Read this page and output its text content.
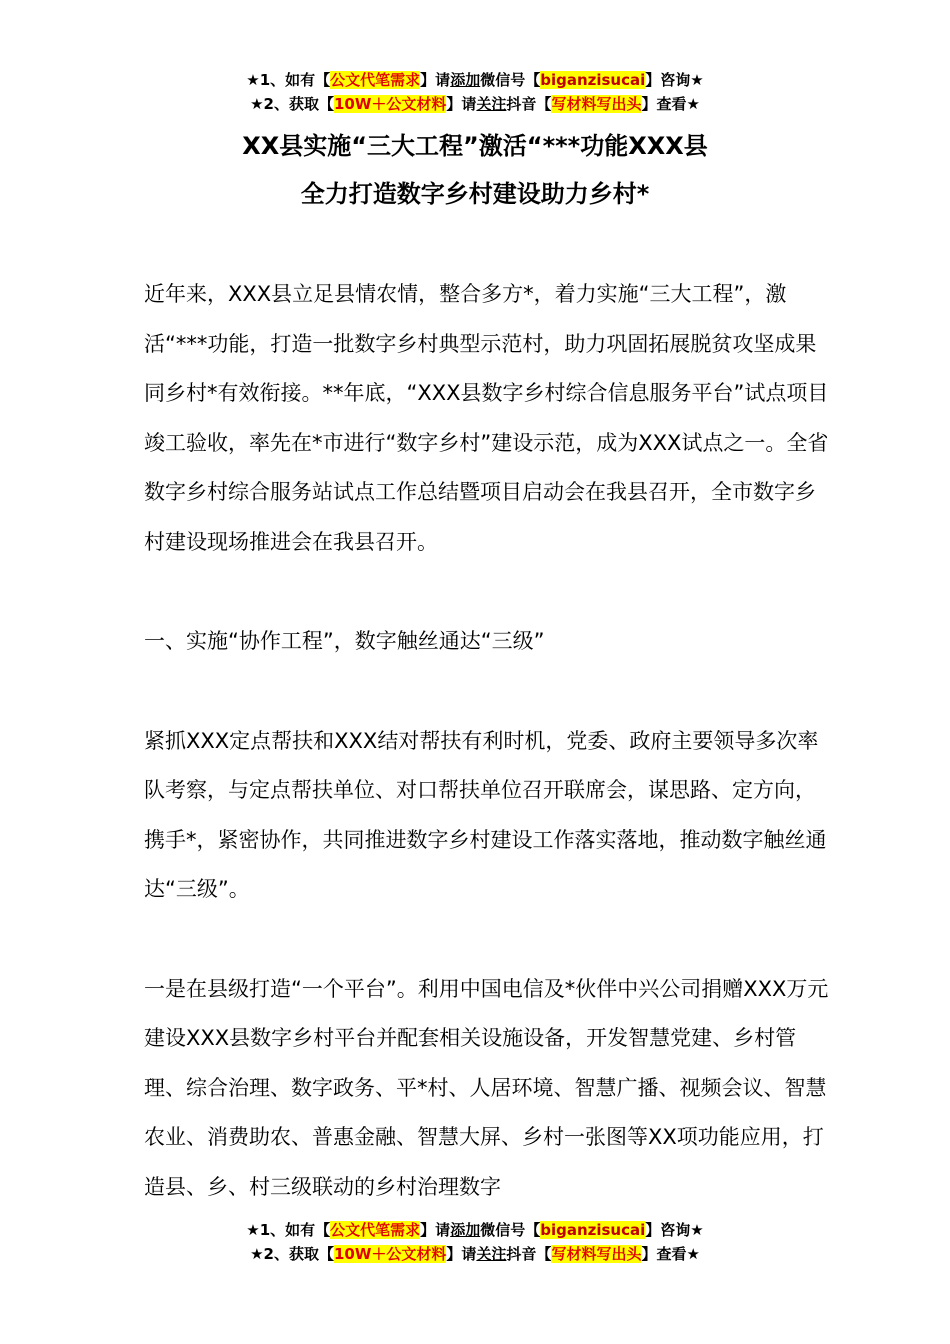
★1、如有【公文代笔需求】请添加微信号【biganzisucai】咨询★
★2、获取【10W＋公文材料】请关注抖音【写材料写出头】查看★
XX县实施“三大工程”激活“***功能XXX县
全力打造数字乡村建设助力乡村*

近年来，XXX县立足县情农情，整合多方*，着力实施“三大工程”，激活“***功能，打造一批数字乡村典型示范村，助力巩固拓展脱贫攻坚成果同乡村*有效衔接。**年底，“XXX县数字乡村综合信息服务平台”试点项目竣工验收，率先在*市进行“数字乡村”建设示范，成为XXX试点之一。全省数字乡村综合服务站试点工作总结暨项目启动会在我县召开，全市数字乡村建设现场推进会在我县召开。

一、实施“协作工程”，数字触丝通达“三级”

紧抓XXX定点帮扶和XXX结对帮扶有利时机，党委、政府主要领导多次率队考察，与定点帮扶单位、对口帮扶单位召开联席会，谋思路、定方向，携手*，紧密协作，共同推进数字乡村建设工作落实落地，推动数字触丝通达“三级”。

一是在县级打造“一个平台”。利用中国电信及*伙伴中兴公司捐赠XXX万元建设XXX县数字乡村平台并配套相关设施设备，开发智慧党建、乡村管理、综合治理、数字政务、平*村、人居环境、智慧广播、视频会议、智慧农业、消费助农、普惠金融、智慧大屏、乡村一张图等XX项功能应用，打造县、乡、村三级联动的乡村治理数字

★1、如有【公文代笔需求】请添加微信号【biganzisucai】咨询★
★2、获取【10W＋公文材料】请关注抖音【写材料写出头】查看★
